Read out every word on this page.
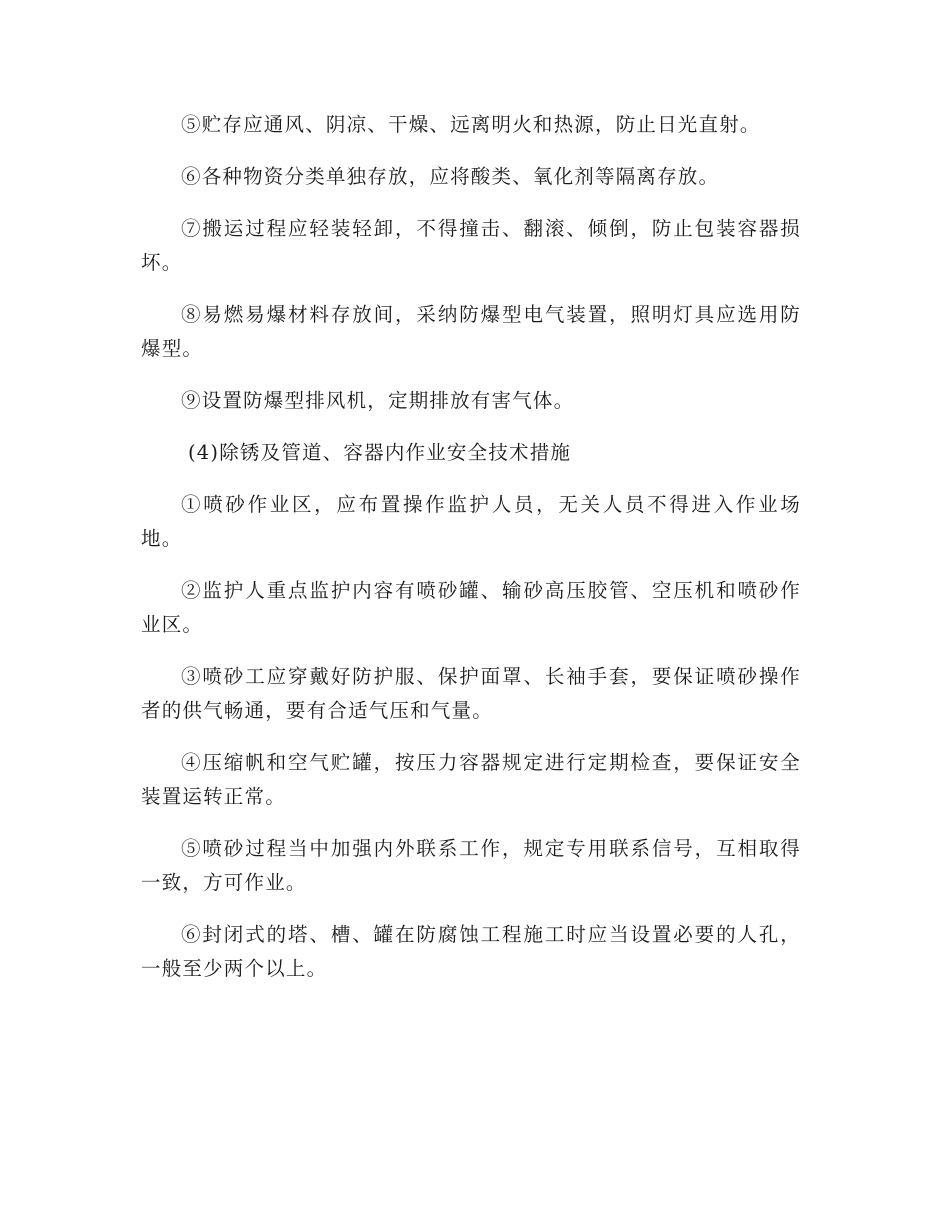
⑤贮存应通风、阴凉、干燥、远离明火和热源，防止日光直射。

⑥各种物资分类单独存放，应将酸类、氧化剂等隔离存放。

⑦搬运过程应轻装轻卸，不得撞击、翻滚、倾倒，防止包装容器损坏。

⑧易燃易爆材料存放间，采纳防爆型电气装置，照明灯具应选用防爆型。

⑨设置防爆型排风机，定期排放有害气体。

(4)除锈及管道、容器内作业安全技术措施

①喷砂作业区，应布置操作监护人员，无关人员不得进入作业场地。

②监护人重点监护内容有喷砂罐、输砂高压胶管、空压机和喷砂作业区。

③喷砂工应穿戴好防护服、保护面罩、长袖手套，要保证喷砂操作者的供气畅通，要有合适气压和气量。

④压缩帆和空气贮罐，按压力容器规定进行定期检查，要保证安全装置运转正常。

⑤喷砂过程当中加强内外联系工作，规定专用联系信号，互相取得一致，方可作业。

⑥封闭式的塔、槽、罐在防腐蚀工程施工时应当设置必要的人孔，一般至少两个以上。
